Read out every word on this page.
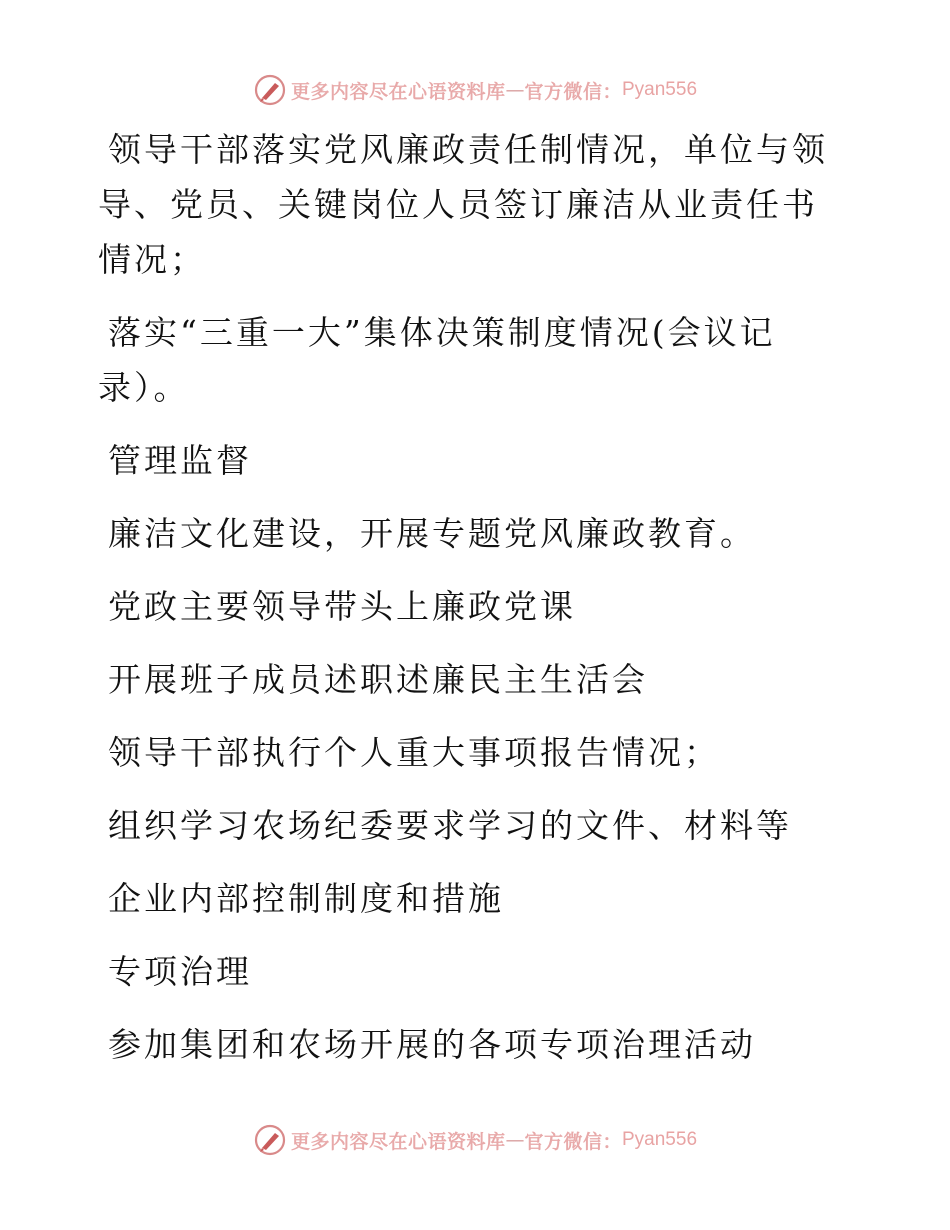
更多内容尽在心语资料库 — 官方微信： Pyan556

领导干部落实党风廉政责任制情况，单位与领导、党员、关键岗位人员签订廉洁从业责任书情况；

落实“三重一大”集体决策制度情况(会议记录）。

管理监督

廉洁文化建设，开展专题党风廉政教育。

党政主要领导带头上廉政党课

开展班子成员述职述廉民主生活会

领导干部执行个人重大事项报告情况；

组织学习农场纪委要求学习的文件、材料等

企业内部控制制度和措施

专项治理

参加集团和农场开展的各项专项治理活动

更多内容尽在心语资料库 — 官方微信： Pyan556
